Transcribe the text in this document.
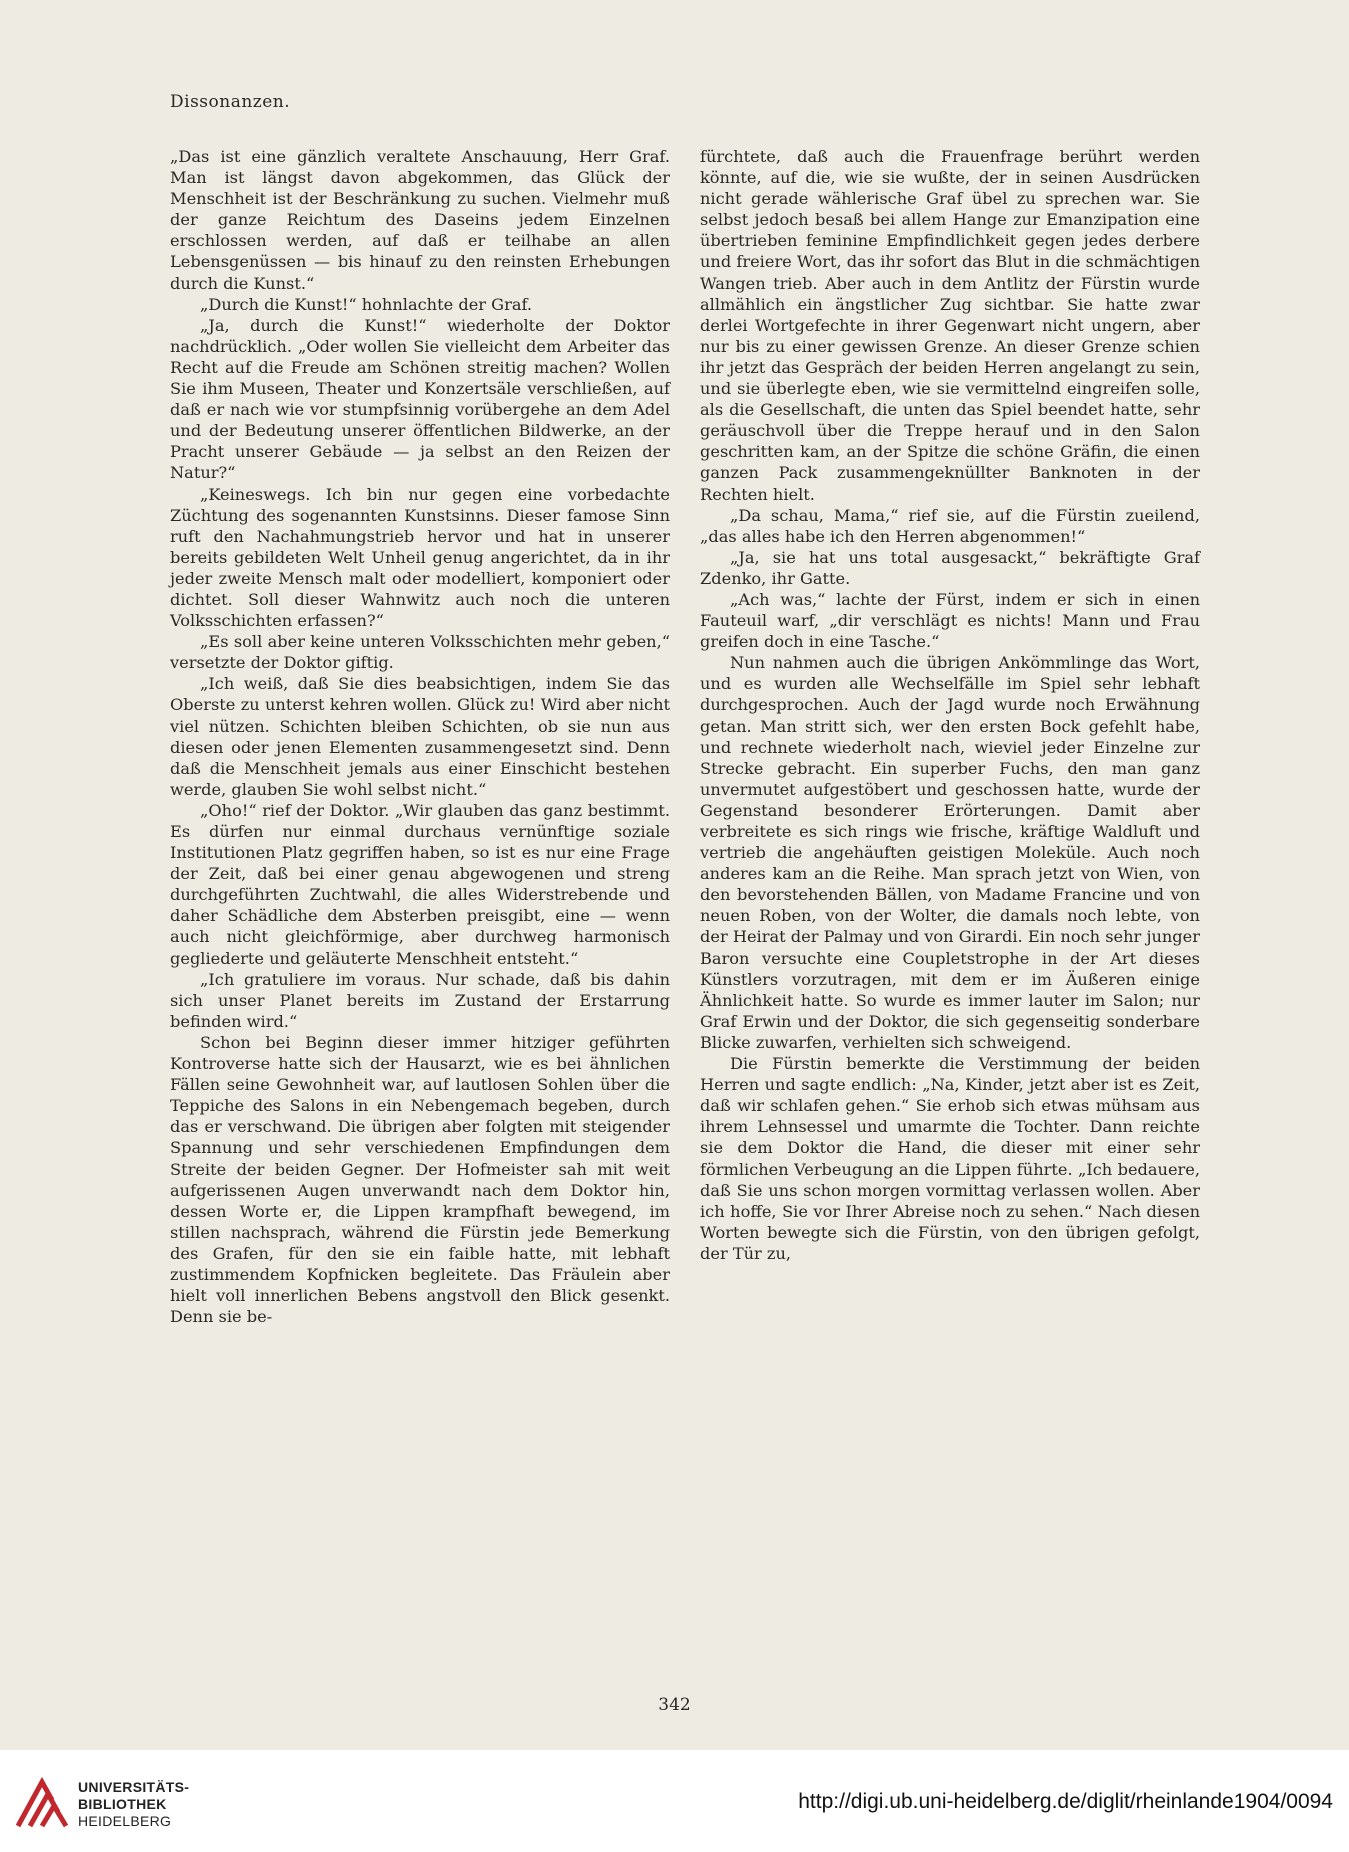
Dissonanzen.

„Das ist eine gänzlich veraltete Anschauung, Herr Graf. Man ist längst davon abgekommen, das Glück der Menschheit ist der Beschränkung zu suchen. Vielmehr muß der ganze Reichtum des Daseins jedem Einzelnen erschlossen werden, auf daß er teilhabe an allen Lebensgenüssen — bis hinauf zu den reinsten Erhebungen durch die Kunst.“

„Durch die Kunst!“ hohnlachte der Graf.

„Ja, durch die Kunst!“ wiederholte der Doktor nachdrücklich. „Oder wollen Sie vielleicht dem Arbeiter das Recht auf die Freude am Schönen streitig machen? Wollen Sie ihm Museen, Theater und Konzertsäle verschließen, auf daß er nach wie vor stumpfsinnig vorübergehe an dem Adel und der Bedeutung unserer öffentlichen Bildwerke, an der Pracht unserer Gebäude — ja selbst an den Reizen der Natur?“

„Keineswegs. Ich bin nur gegen eine vorbedachte Züchtung des sogenannten Kunstsinns. Dieser famose Sinn ruft den Nachahmungstrieb hervor und hat in unserer bereits gebildeten Welt Unheil genug angerichtet, da in ihr jeder zweite Mensch malt oder modelliert, komponiert oder dichtet. Soll dieser Wahnwitz auch noch die unteren Volksschichten erfassen?“

„Es soll aber keine unteren Volksschichten mehr geben,“ versetzte der Doktor giftig.

„Ich weiß, daß Sie dies beabsichtigen, indem Sie das Oberste zu unterst kehren wollen. Glück zu! Wird aber nicht viel nützen. Schichten bleiben Schichten, ob sie nun aus diesen oder jenen Elementen zusammengesetzt sind. Denn daß die Menschheit jemals aus einer Einschicht bestehen werde, glauben Sie wohl selbst nicht.“

„Oho!“ rief der Doktor. „Wir glauben das ganz bestimmt. Es dürfen nur einmal durchaus vernünftige soziale Institutionen Platz gegriffen haben, so ist es nur eine Frage der Zeit, daß bei einer genau abgewogenen und streng durchgeführten Zuchtwahl, die alles Widerstrebende und daher Schädliche dem Absterben preisgibt, eine — wenn auch nicht gleichförmige, aber durchweg harmonisch gegliederte und geläuterte Menschheit entsteht.“

„Ich gratuliere im voraus. Nur schade, daß bis dahin sich unser Planet bereits im Zustand der Erstarrung befinden wird.“

Schon bei Beginn dieser immer hitziger geführten Kontroverse hatte sich der Hausarzt, wie es bei ähnlichen Fällen seine Gewohnheit war, auf lautlosen Sohlen über die Teppiche des Salons in ein Nebengemach begeben, durch das er verschwand. Die übrigen aber folgten mit steigender Spannung und sehr verschiedenen Empfindungen dem Streite der beiden Gegner. Der Hofmeister sah mit weit aufgerissenen Augen unverwandt nach dem Doktor hin, dessen Worte er, die Lippen krampfhaft bewegend, im stillen nachsprach, während die Fürstin jede Bemerkung des Grafen, für den sie ein faible hatte, mit lebhaft zustimmendem Kopfnicken begleitete. Das Fräulein aber hielt voll innerlichen Bebens angstvoll den Blick gesenkt. Denn sie be-

fürchtete, daß auch die Frauenfrage berührt werden könnte, auf die, wie sie wußte, der in seinen Ausdrücken nicht gerade wählerische Graf übel zu sprechen war. Sie selbst jedoch besaß bei allem Hange zur Emanzipation eine übertrieben feminine Empfindlichkeit gegen jedes derbere und freiere Wort, das ihr sofort das Blut in die schmächtigen Wangen trieb. Aber auch in dem Antlitz der Fürstin wurde allmählich ein ängstlicher Zug sichtbar. Sie hatte zwar derlei Wortgefechte in ihrer Gegenwart nicht ungern, aber nur bis zu einer gewissen Grenze. An dieser Grenze schien ihr jetzt das Gespräch der beiden Herren angelangt zu sein, und sie überlegte eben, wie sie vermittelnd eingreifen solle, als die Gesellschaft, die unten das Spiel beendet hatte, sehr geräuschvoll über die Treppe herauf und in den Salon geschritten kam, an der Spitze die schöne Gräfin, die einen ganzen Pack zusammengeknüllter Banknoten in der Rechten hielt.

„Da schau, Mama,“ rief sie, auf die Fürstin zueilend, „das alles habe ich den Herren abgenommen!“

„Ja, sie hat uns total ausgesackt,“ bekräftigte Graf Zdenko, ihr Gatte.

„Ach was,“ lachte der Fürst, indem er sich in einen Fauteuil warf, „dir verschlägt es nichts! Mann und Frau greifen doch in eine Tasche.“

Nun nahmen auch die übrigen Ankömmlinge das Wort, und es wurden alle Wechselfälle im Spiel sehr lebhaft durchgesprochen. Auch der Jagd wurde noch Erwähnung getan. Man stritt sich, wer den ersten Bock gefehlt habe, und rechnete wiederholt nach, wieviel jeder Einzelne zur Strecke gebracht. Ein superber Fuchs, den man ganz unvermutet aufgestöbert und geschossen hatte, wurde der Gegenstand besonderer Erörterungen. Damit aber verbreitete es sich rings wie frische, kräftige Waldluft und vertrieb die angehäuften geistigen Moleküle. Auch noch anderes kam an die Reihe. Man sprach jetzt von Wien, von den bevorstehenden Bällen, von Madame Francine und von neuen Roben, von der Wolter, die damals noch lebte, von der Heirat der Palmay und von Girardi. Ein noch sehr junger Baron versuchte eine Coupletstrophe in der Art dieses Künstlers vorzutragen, mit dem er im Äußeren einige Ähnlichkeit hatte. So wurde es immer lauter im Salon; nur Graf Erwin und der Doktor, die sich gegenseitig sonderbare Blicke zuwarfen, verhielten sich schweigend.

Die Fürstin bemerkte die Verstimmung der beiden Herren und sagte endlich: „Na, Kinder, jetzt aber ist es Zeit, daß wir schlafen gehen.“ Sie erhob sich etwas mühsam aus ihrem Lehnsessel und umarmte die Tochter. Dann reichte sie dem Doktor die Hand, die dieser mit einer sehr förmlichen Verbeugung an die Lippen führte. „Ich bedauere, daß Sie uns schon morgen vormittag verlassen wollen. Aber ich hoffe, Sie vor Ihrer Abreise noch zu sehen.“ Nach diesen Worten bewegte sich die Fürstin, von den übrigen gefolgt, der Tür zu,

342
UNIVERSITÄTS-
BIBLIOTHEK
HEIDELBERG
http://digi.ub.uni-heidelberg.de/diglit/rheinlande1904/0094
